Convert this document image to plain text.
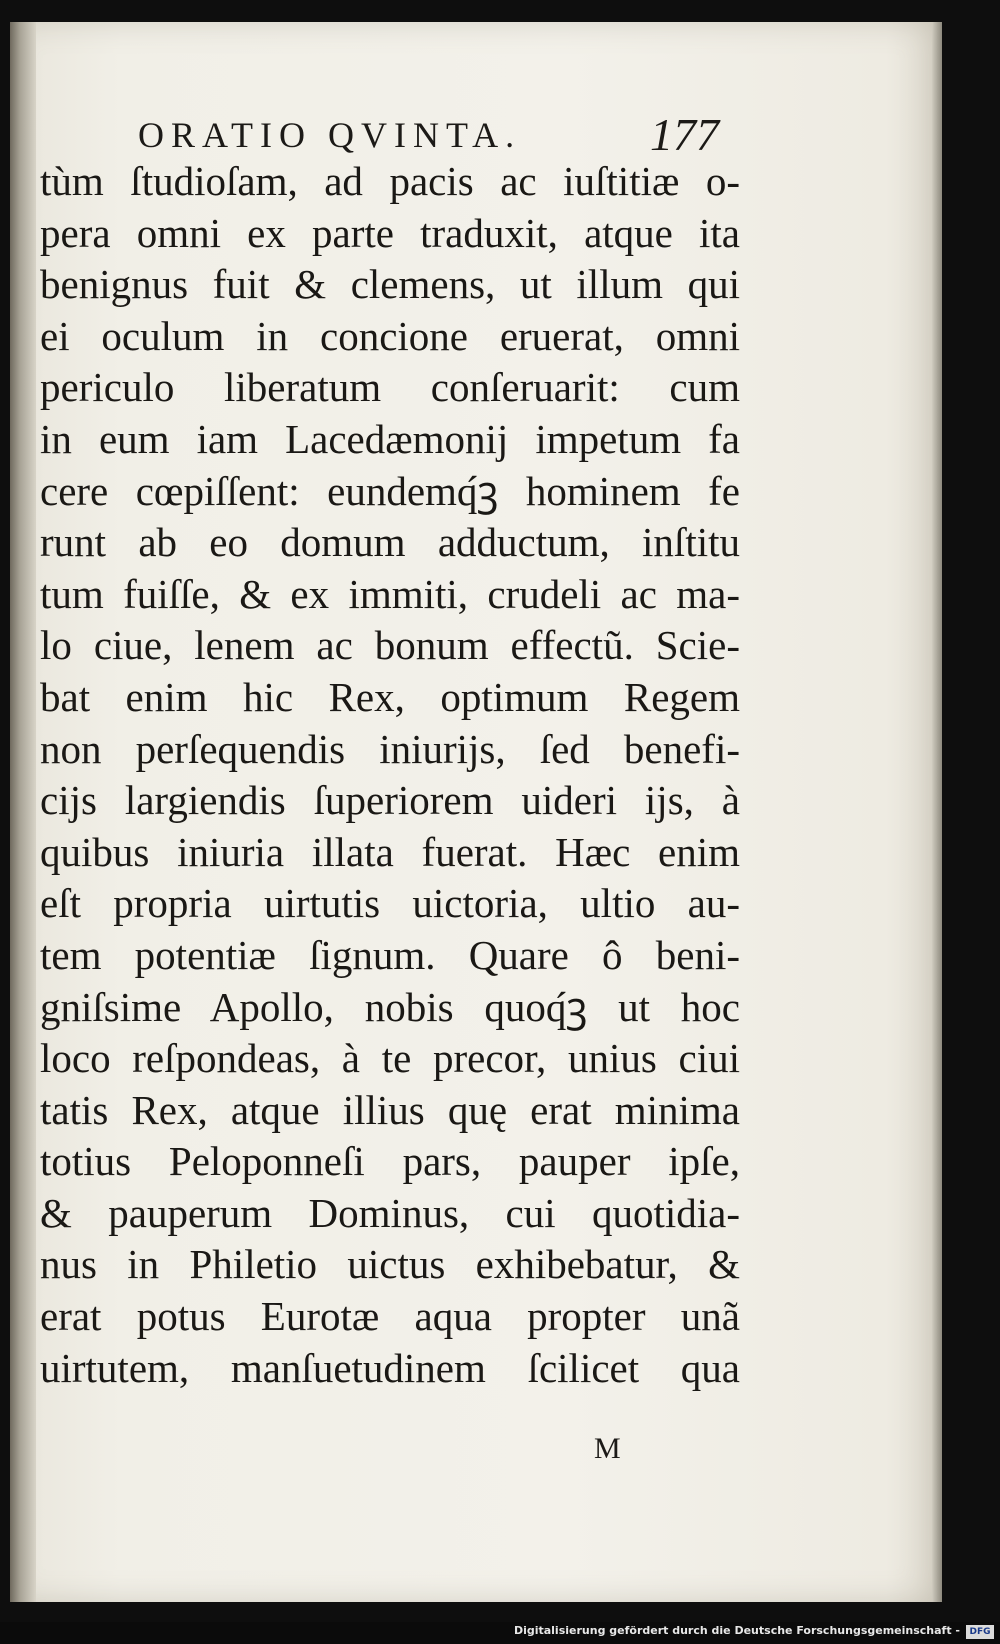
ORATIO QVINTA.	177
tùm ſtudioſam, ad pacis ac iuſtitiæ o-
pera omni ex parte traduxit, atque ita
benignus fuit & clemens, ut illum qui
ei oculum in concione eruerat, omni
periculo liberatum conſeruarit: cum
in eum iam Lacedæmonij impetum fa
cere cœpiſſent: eundemq́ꝫ hominem fe
runt ab eo domum adductum, inſtitu
tum fuiſſe, & ex immiti, crudeli ac ma-
lo ciue, lenem ac bonum effectũ. Scie-
bat enim hic Rex, optimum Regem
non perſequendis iniurijs, ſed benefi-
cijs largiendis ſuperiorem uideri ijs, à
quibus iniuria illata fuerat. Hæc enim
eſt propria uirtutis uictoria, ultio au-
tem potentiæ ſignum. Quare ô beni-
gniſsime Apollo, nobis quoq́ꝫ ut hoc
loco reſpondeas, à te precor, unius ciui
tatis Rex, atque illius quę erat minima
totius Peloponneſi pars, pauper ipſe,
& pauperum Dominus, cui quotidia-
nus in Philetio uictus exhibebatur, &
erat potus Eurotæ aqua propter unã
uirtutem, manſuetudinem ſcilicet qua
M
Digitalisierung gefördert durch die Deutsche Forschungsgemeinschaft -	DFG
